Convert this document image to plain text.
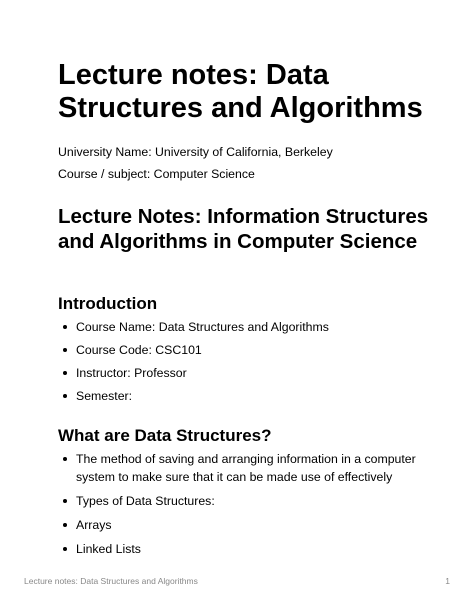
Lecture notes: Data Structures and Algorithms

University Name: University of California, Berkeley

Course / subject: Computer Science

Lecture Notes: Information Structures and Algorithms in Computer Science
Introduction
Course Name: Data Structures and Algorithms
Course Code: CSC101
Instructor: Professor
Semester:
What are Data Structures?
The method of saving and arranging information in a computer system to make sure that it can be made use of effectively
Types of Data Structures:
Arrays
Linked Lists

Lecture notes: Data Structures and Algorithms	1
